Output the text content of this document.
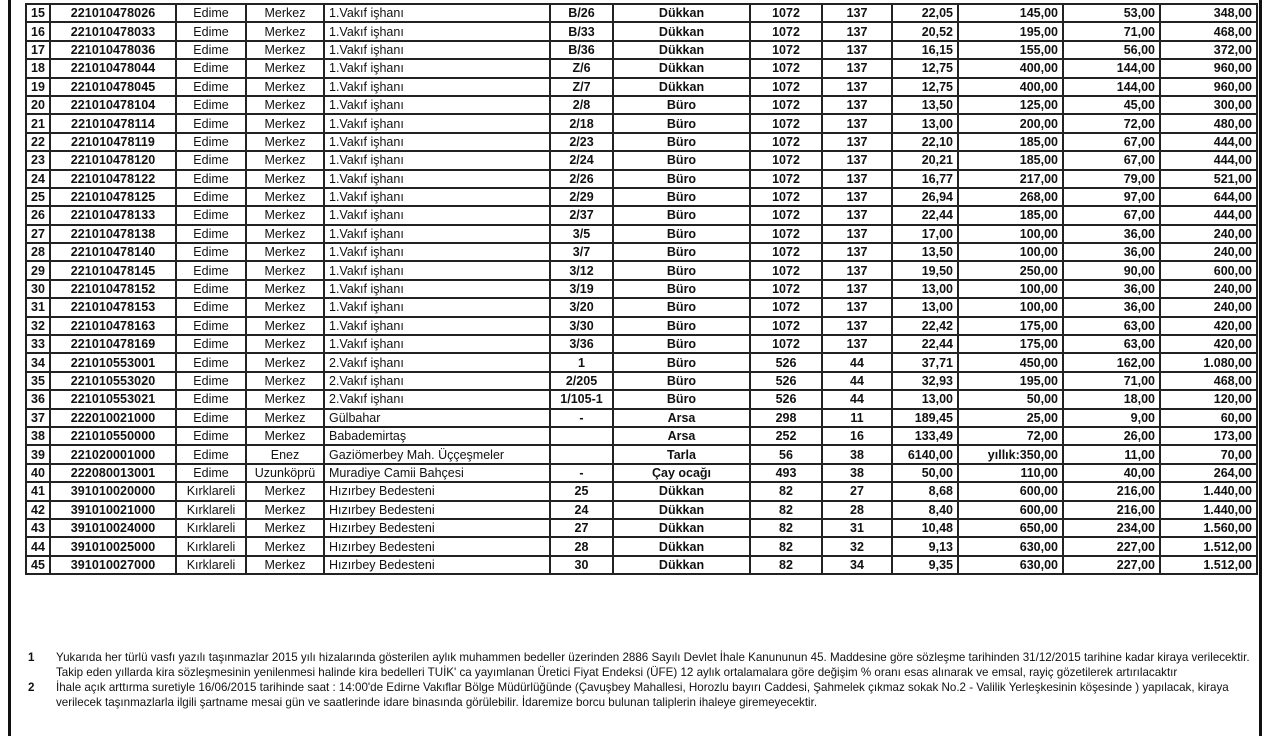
15	221010478026	Edime	Merkez	1.Vakıf işhanı	B/26	Dükkan	1072	137	22,05	145,00	53,00	348,00
16	221010478033	Edime	Merkez	1.Vakıf işhanı	B/33	Dükkan	1072	137	20,52	195,00	71,00	468,00
17	221010478036	Edime	Merkez	1.Vakıf işhanı	B/36	Dükkan	1072	137	16,15	155,00	56,00	372,00
18	221010478044	Edime	Merkez	1.Vakıf işhanı	Z/6	Dükkan	1072	137	12,75	400,00	144,00	960,00
19	221010478045	Edime	Merkez	1.Vakıf işhanı	Z/7	Dükkan	1072	137	12,75	400,00	144,00	960,00
20	221010478104	Edime	Merkez	1.Vakıf işhanı	2/8	Büro	1072	137	13,50	125,00	45,00	300,00
21	221010478114	Edime	Merkez	1.Vakıf işhanı	2/18	Büro	1072	137	13,00	200,00	72,00	480,00
22	221010478119	Edime	Merkez	1.Vakıf işhanı	2/23	Büro	1072	137	22,10	185,00	67,00	444,00
23	221010478120	Edime	Merkez	1.Vakıf işhanı	2/24	Büro	1072	137	20,21	185,00	67,00	444,00
24	221010478122	Edime	Merkez	1.Vakıf işhanı	2/26	Büro	1072	137	16,77	217,00	79,00	521,00
25	221010478125	Edime	Merkez	1.Vakıf işhanı	2/29	Büro	1072	137	26,94	268,00	97,00	644,00
26	221010478133	Edime	Merkez	1.Vakıf işhanı	2/37	Büro	1072	137	22,44	185,00	67,00	444,00
27	221010478138	Edime	Merkez	1.Vakıf işhanı	3/5	Büro	1072	137	17,00	100,00	36,00	240,00
28	221010478140	Edime	Merkez	1.Vakıf işhanı	3/7	Büro	1072	137	13,50	100,00	36,00	240,00
29	221010478145	Edime	Merkez	1.Vakıf işhanı	3/12	Büro	1072	137	19,50	250,00	90,00	600,00
30	221010478152	Edime	Merkez	1.Vakıf işhanı	3/19	Büro	1072	137	13,00	100,00	36,00	240,00
31	221010478153	Edime	Merkez	1.Vakıf işhanı	3/20	Büro	1072	137	13,00	100,00	36,00	240,00
32	221010478163	Edime	Merkez	1.Vakıf işhanı	3/30	Büro	1072	137	22,42	175,00	63,00	420,00
33	221010478169	Edime	Merkez	1.Vakıf işhanı	3/36	Büro	1072	137	22,44	175,00	63,00	420,00
34	221010553001	Edime	Merkez	2.Vakıf işhanı	1	Büro	526	44	37,71	450,00	162,00	1.080,00
35	221010553020	Edime	Merkez	2.Vakıf işhanı	2/205	Büro	526	44	32,93	195,00	71,00	468,00
36	221010553021	Edime	Merkez	2.Vakıf işhanı	1/105-1	Büro	526	44	13,00	50,00	18,00	120,00
37	222010021000	Edime	Merkez	Gülbahar	-	Arsa	298	11	189,45	25,00	9,00	60,00
38	221010550000	Edime	Merkez	Babademirtaş		Arsa	252	16	133,49	72,00	26,00	173,00
39	221020001000	Edime	Enez	Gaziömerbey Mah. Üççeşmeler		Tarla	56	38	6140,00	yıllık:350,00	11,00	70,00
40	222080013001	Edime	Uzunköprü	Muradiye Camii Bahçesi	-	Çay ocağı	493	38	50,00	110,00	40,00	264,00
41	391010020000	Kırklareli	Merkez	Hızırbey Bedesteni	25	Dükkan	82	27	8,68	600,00	216,00	1.440,00
42	391010021000	Kırklareli	Merkez	Hızırbey Bedesteni	24	Dükkan	82	28	8,40	600,00	216,00	1.440,00
43	391010024000	Kırklareli	Merkez	Hızırbey Bedesteni	27	Dükkan	82	31	10,48	650,00	234,00	1.560,00
44	391010025000	Kırklareli	Merkez	Hızırbey Bedesteni	28	Dükkan	82	32	9,13	630,00	227,00	1.512,00
45	391010027000	Kırklareli	Merkez	Hızırbey Bedesteni	30	Dükkan	82	34	9,35	630,00	227,00	1.512,00
1	Yukarıda her türlü vasfı yazılı taşınmazlar 2015 yılı hizalarında gösterilen aylık muhammen bedeller üzerinden 2886 Sayılı Devlet İhale Kanununun 45. Maddesine göre sözleşme tarihinden 31/12/2015 tarihine kadar kiraya verilecektir. Takip eden yıllarda kira sözleşmesinin yenilenmesi halinde kira bedelleri TUİK' ca yayımlanan Üretici Fiyat Endeksi (ÜFE) 12 aylık ortalamalara göre değişim % oranı esas alınarak ve emsal, rayiç gözetilerek artırılacaktır
2	İhale açık arttırma suretiyle 16/06/2015 tarihinde saat : 14:00'de Edirne Vakıflar Bölge Müdürlüğünde (Çavuşbey Mahallesi, Horozlu bayırı Caddesi, Şahmelek çıkmaz sokak No.2 - Valilik Yerleşkesinin köşesinde ) yapılacak, kiraya verilecek taşınmazlarla ilgili şartname mesai gün ve saatlerinde idare binasında görülebilir. İdaremize borcu bulunan taliplerin ihaleye giremeyecektir.
